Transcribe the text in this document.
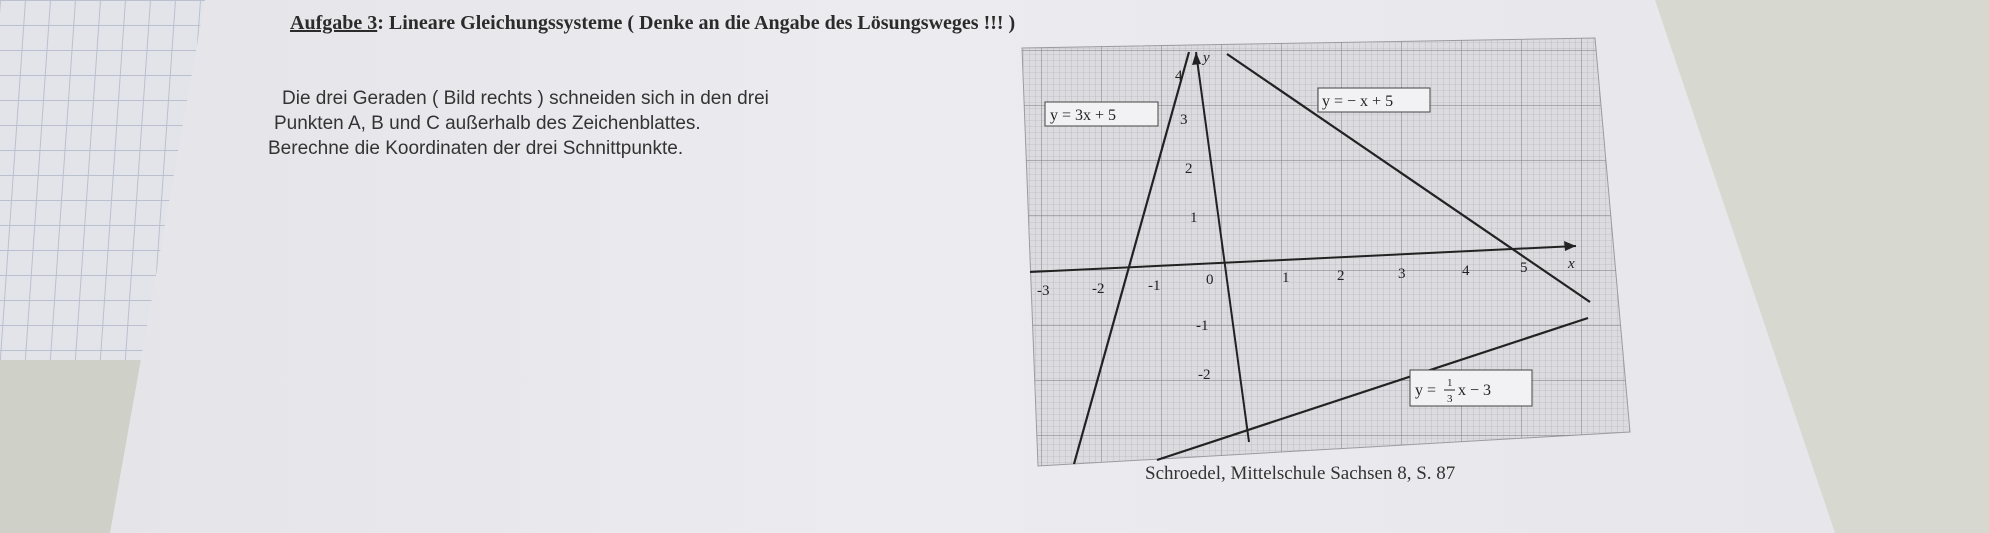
Aufgabe 3: Lineare Gleichungssysteme ( Denke an die Angabe des Lösungsweges !!! )
Die drei Geraden ( Bild rechts ) schneiden sich in den drei
Punkten A, B und C außerhalb des Zeichenblattes.
Berechne die Koordinaten der drei Schnittpunkte.
x
y
-3	-2	-1	0	1	2	3	4	5
4
3
2
1
-1
-2
y = 3x + 5
y = − x + 5
y = 1
3 x − 3
Schroedel, Mittelschule Sachsen 8, S. 87
